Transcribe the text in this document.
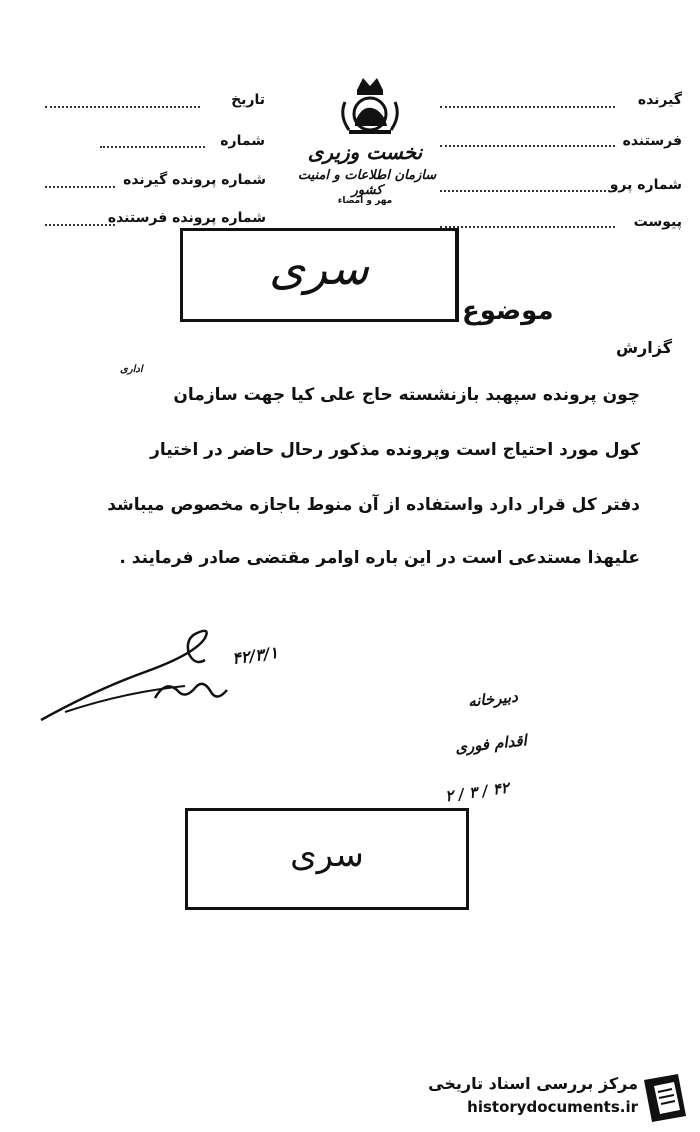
گیرنده
فرستنده
شماره پرو
پیوست
تاریخ
شماره
شماره پرونده گیرنده
شماره پرونده فرستنده
نخست وزیری
سازمان اطلاعات و امنیت کشور
مهر و امضاء
سری
موضوع
گزارش
اداری
چون پرونده سپهبد بازنشسته حاج علی کیا جهت سازمان
کول مورد احتیاج است وپرونده مذکور رحال حاضر در اختیار
دفتر کل قرار دارد واستفاده از آن منوط باجازه مخصوص میباشد
علیهذا مستدعی است در این باره اوامر مقتضی صادر فرمایند .
۴۲/۳/۱
دبیرخانه
اقدام فوری
۴۲ / ۳ / ۲
سری
مرکز بررسی اسناد تاریخی
historydocuments.ir
